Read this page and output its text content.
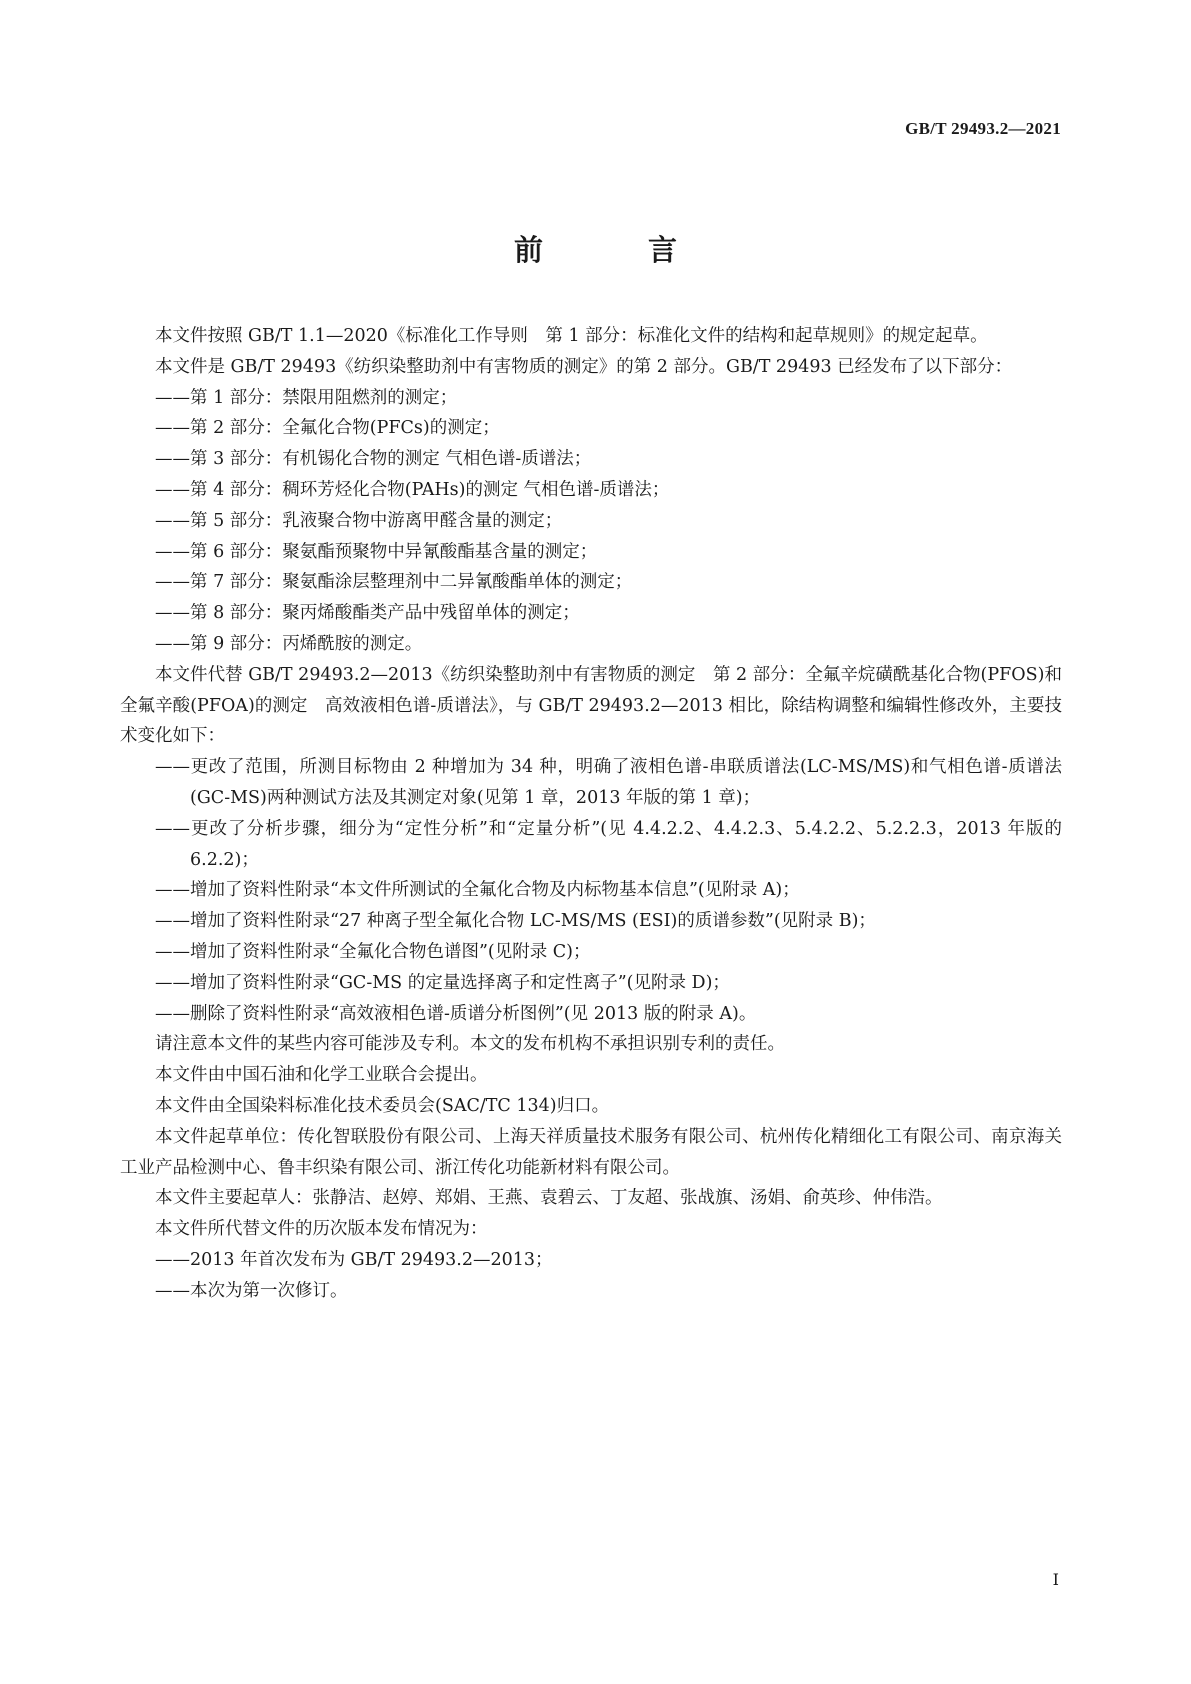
GB/T 29493.2—2021
前　言

本文件按照 GB/T 1.1—2020《标准化工作导则　第 1 部分：标准化文件的结构和起草规则》的规定起草。

本文件是 GB/T 29493《纺织染整助剂中有害物质的测定》的第 2 部分。GB/T 29493 已经发布了以下部分：

——第 1 部分：禁限用阻燃剂的测定；

——第 2 部分：全氟化合物(PFCs)的测定；

——第 3 部分：有机锡化合物的测定 气相色谱-质谱法；

——第 4 部分：稠环芳烃化合物(PAHs)的测定 气相色谱-质谱法；

——第 5 部分：乳液聚合物中游离甲醛含量的测定；

——第 6 部分：聚氨酯预聚物中异氰酸酯基含量的测定；

——第 7 部分：聚氨酯涂层整理剂中二异氰酸酯单体的测定；

——第 8 部分：聚丙烯酸酯类产品中残留单体的测定；

——第 9 部分：丙烯酰胺的测定。

本文件代替 GB/T 29493.2—2013《纺织染整助剂中有害物质的测定　第 2 部分：全氟辛烷磺酰基化合物(PFOS)和全氟辛酸(PFOA)的测定　高效液相色谱-质谱法》，与 GB/T 29493.2—2013 相比，除结构调整和编辑性修改外，主要技术变化如下：

——更改了范围，所测目标物由 2 种增加为 34 种，明确了液相色谱-串联质谱法(LC-MS/MS)和气相色谱-质谱法(GC-MS)两种测试方法及其测定对象(见第 1 章，2013 年版的第 1 章)；

——更改了分析步骤，细分为“定性分析”和“定量分析”(见 4.4.2.2、4.4.2.3、5.4.2.2、5.2.2.3，2013 年版的 6.2.2)；

——增加了资料性附录“本文件所测试的全氟化合物及内标物基本信息”(见附录 A)；

——增加了资料性附录“27 种离子型全氟化合物 LC-MS/MS (ESI)的质谱参数”(见附录 B)；

——增加了资料性附录“全氟化合物色谱图”(见附录 C)；

——增加了资料性附录“GC-MS 的定量选择离子和定性离子”(见附录 D)；

——删除了资料性附录“高效液相色谱-质谱分析图例”(见 2013 版的附录 A)。

请注意本文件的某些内容可能涉及专利。本文的发布机构不承担识别专利的责任。

本文件由中国石油和化学工业联合会提出。

本文件由全国染料标准化技术委员会(SAC/TC 134)归口。

本文件起草单位：传化智联股份有限公司、上海天祥质量技术服务有限公司、杭州传化精细化工有限公司、南京海关工业产品检测中心、鲁丰织染有限公司、浙江传化功能新材料有限公司。

本文件主要起草人：张静洁、赵婷、郑娟、王燕、袁碧云、丁友超、张战旗、汤娟、俞英珍、仲伟浩。

本文件所代替文件的历次版本发布情况为：

——2013 年首次发布为 GB/T 29493.2—2013；

——本次为第一次修订。

I
